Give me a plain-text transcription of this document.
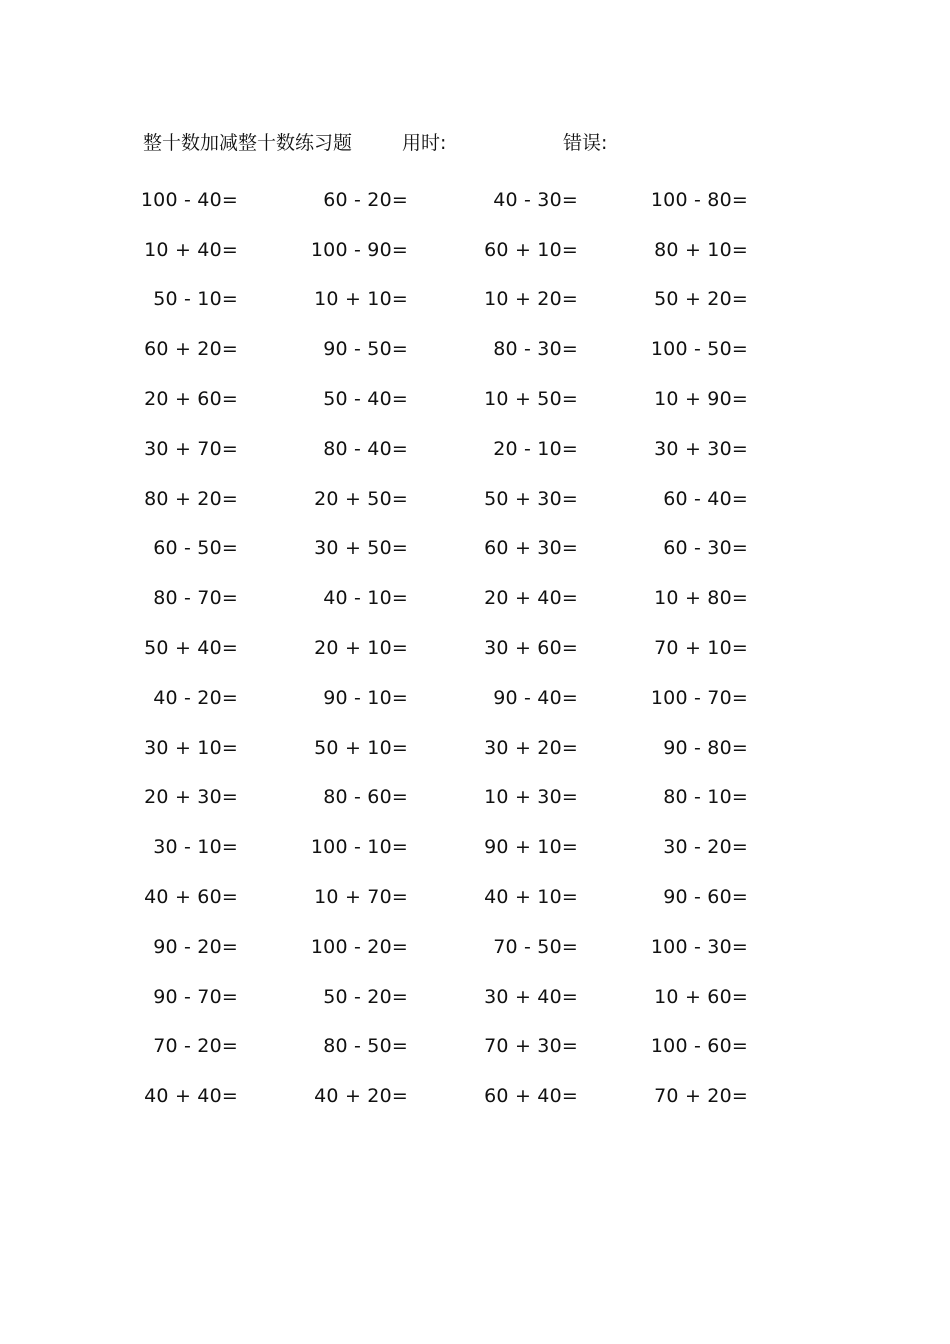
整十数加减整十数练习题	用时:	错误:
100 - 40=	60 - 20=	40 - 30=	100 - 80=
10 + 40=	100 - 90=	60 + 10=	80 + 10=
50 - 10=	10 + 10=	10 + 20=	50 + 20=
60 + 20=	90 - 50=	80 - 30=	100 - 50=
20 + 60=	50 - 40=	10 + 50=	10 + 90=
30 + 70=	80 - 40=	20 - 10=	30 + 30=
80 + 20=	20 + 50=	50 + 30=	60 - 40=
60 - 50=	30 + 50=	60 + 30=	60 - 30=
80 - 70=	40 - 10=	20 + 40=	10 + 80=
50 + 40=	20 + 10=	30 + 60=	70 + 10=
40 - 20=	90 - 10=	90 - 40=	100 - 70=
30 + 10=	50 + 10=	30 + 20=	90 - 80=
20 + 30=	80 - 60=	10 + 30=	80 - 10=
30 - 10=	100 - 10=	90 + 10=	30 - 20=
40 + 60=	10 + 70=	40 + 10=	90 - 60=
90 - 20=	100 - 20=	70 - 50=	100 - 30=
90 - 70=	50 - 20=	30 + 40=	10 + 60=
70 - 20=	80 - 50=	70 + 30=	100 - 60=
40 + 40=	40 + 20=	60 + 40=	70 + 20=
